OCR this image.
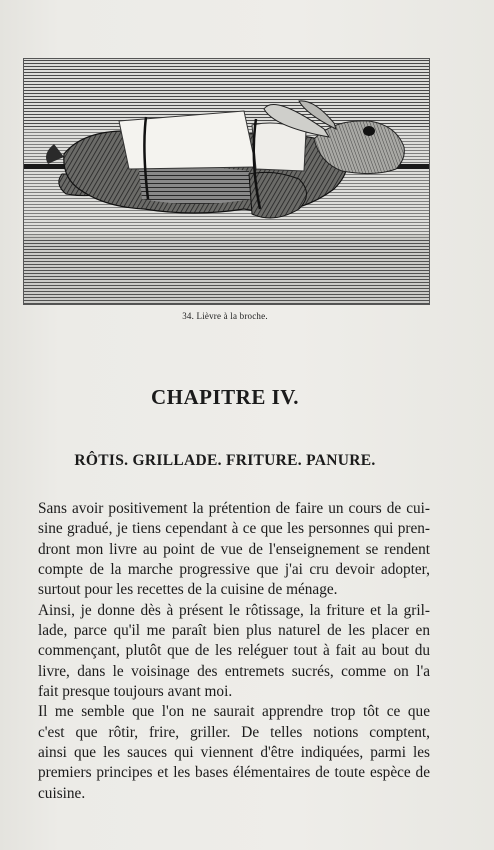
34. Lièvre à la broche.
CHAPITRE IV.
RÔTIS. GRILLADE. FRITURE. PANURE.

Sans avoir positivement la prétention de faire un cours de cui-
sine gradué, je tiens cependant à ce que les personnes qui pren-
dront mon livre au point de vue de l'enseignement se rendent
compte de la marche progressive que j'ai cru devoir adopter,
surtout pour les recettes de la cuisine de ménage.

Ainsi, je donne dès à présent le rôtissage, la friture et la gril-
lade, parce qu'il me paraît bien plus naturel de les placer en
commençant, plutôt que de les reléguer tout à fait au bout du
livre, dans le voisinage des entremets sucrés, comme on l'a
fait presque toujours avant moi.

Il me semble que l'on ne saurait apprendre trop tôt ce que
c'est que rôtir, frire, griller. De telles notions comptent,
ainsi que les sauces qui viennent d'être indiquées, parmi les
premiers principes et les bases élémentaires de toute espèce de
cuisine.
